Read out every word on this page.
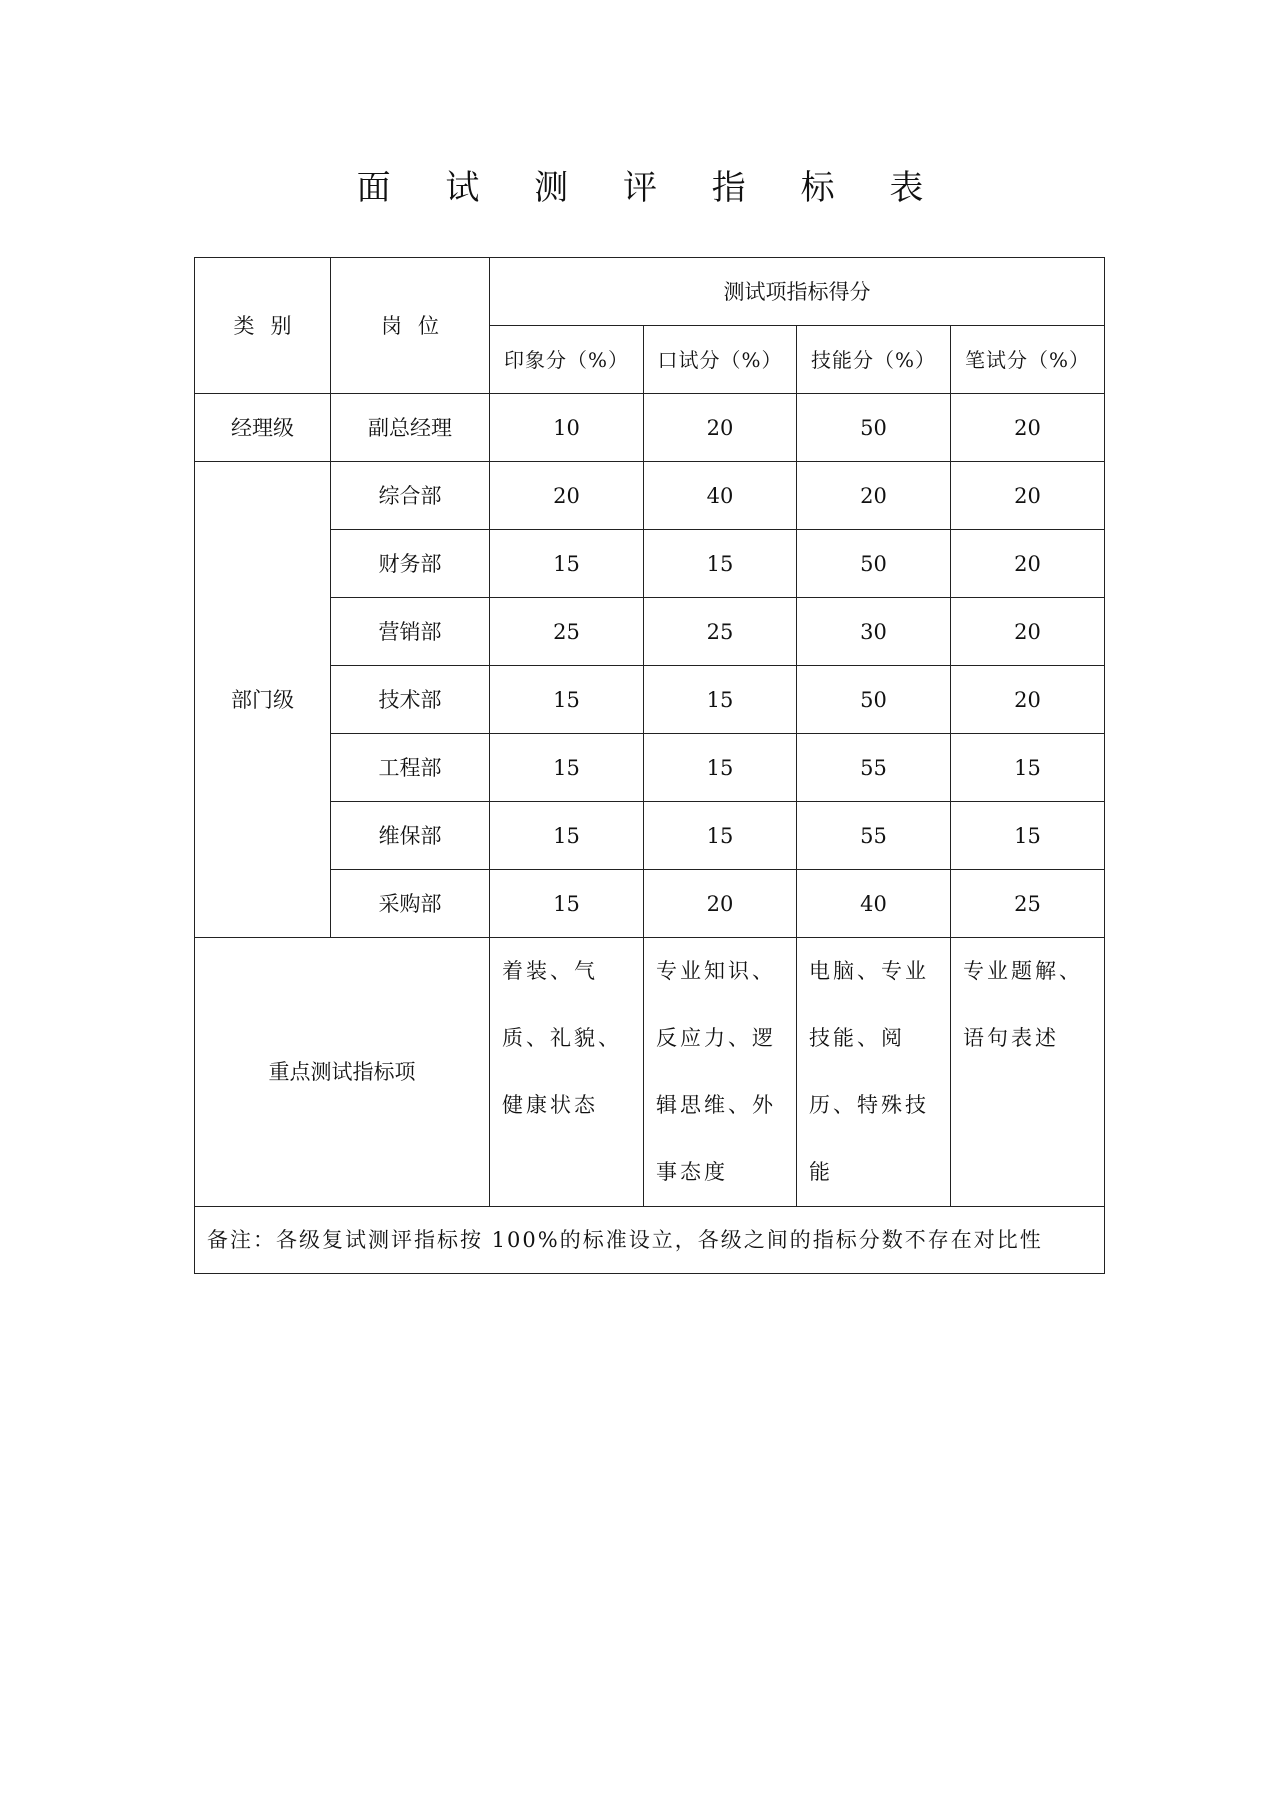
面 试 测 评 指 标 表
类别	岗位	测试项指标得分			
		印象分（%）	口试分（%）	技能分（%）	笔试分（%）
经理级	副总经理	10	20	50	20
部门级	综合部	20	40	20	20
	财务部	15	15	50	20
	营销部	25	25	30	20
	技术部	15	15	50	20
	工程部	15	15	55	15
	维保部	15	15	55	15
	采购部	15	20	40	25
重点测试指标项		着装、气质、礼貌、健康状态	专业知识、反应力、逻辑思维、外事态度	电脑、专业技能、阅历、特殊技能	专业题解、语句表述
备注：各级复试测评指标按 100%的标准设立，各级之间的指标分数不存在对比性					
